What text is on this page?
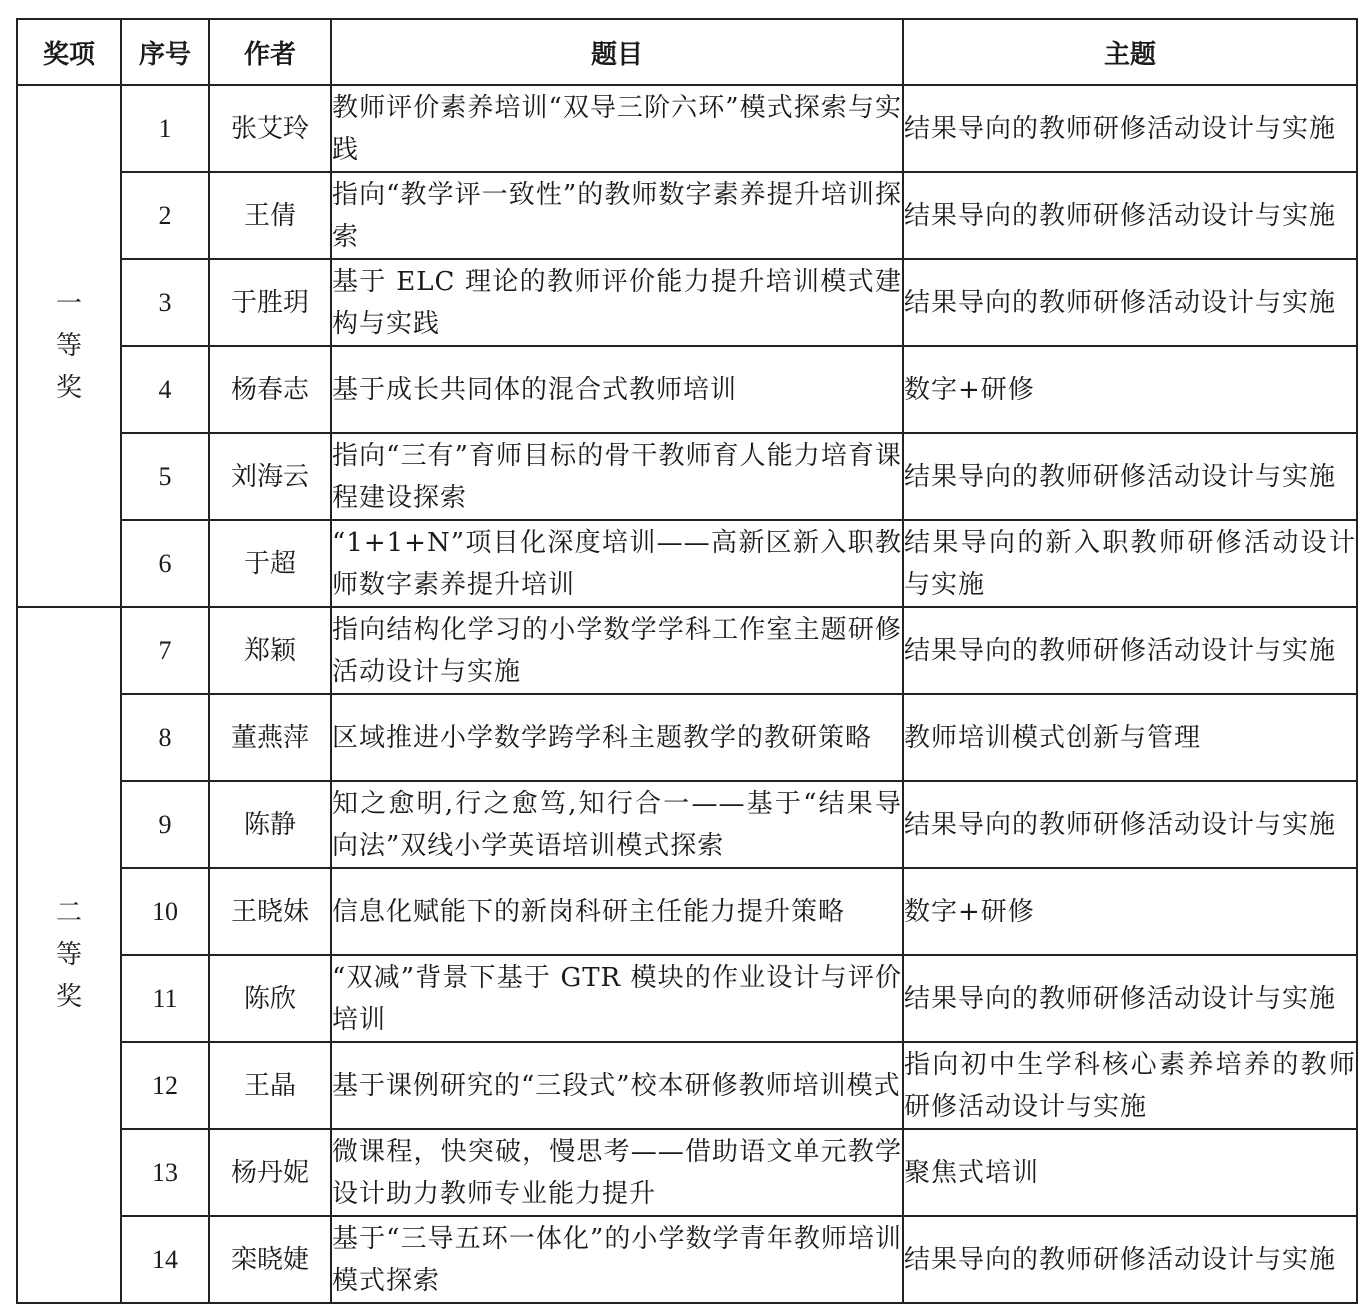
奖项	序号	作者	题目	主题
一等奖	1	张艾玲	教师评价素养培训“双导三阶六环”模式探索与实践	结果导向的教师研修活动设计与实施
	2	王倩	指向“教学评一致性”的教师数字素养提升培训探索	结果导向的教师研修活动设计与实施
	3	于胜玥	基于 ELC 理论的教师评价能力提升培训模式建构与实践	结果导向的教师研修活动设计与实施
	4	杨春志	基于成长共同体的混合式教师培训	数字+研修
	5	刘海云	指向“三有”育师目标的骨干教师育人能力培育课程建设探索	结果导向的教师研修活动设计与实施
	6	于超	“1+1+N”项目化深度培训——高新区新入职教师数字素养提升培训	结果导向的新入职教师研修活动设计与实施
二等奖	7	郑颖	指向结构化学习的小学数学学科工作室主题研修活动设计与实施	结果导向的教师研修活动设计与实施
	8	董燕萍	区域推进小学数学跨学科主题教学的教研策略	教师培训模式创新与管理
	9	陈静	知之愈明,行之愈笃,知行合一——基于“结果导向法”双线小学英语培训模式探索	结果导向的教师研修活动设计与实施
	10	王晓妹	信息化赋能下的新岗科研主任能力提升策略	数字+研修
	11	陈欣	“双减”背景下基于 GTR 模块的作业设计与评价培训	结果导向的教师研修活动设计与实施
	12	王晶	基于课例研究的“三段式”校本研修教师培训模式	指向初中生学科核心素养培养的教师研修活动设计与实施
	13	杨丹妮	微课程，快突破，慢思考——借助语文单元教学设计助力教师专业能力提升	聚焦式培训
	14	栾晓婕	基于“三导五环一体化”的小学数学青年教师培训模式探索	结果导向的教师研修活动设计与实施
